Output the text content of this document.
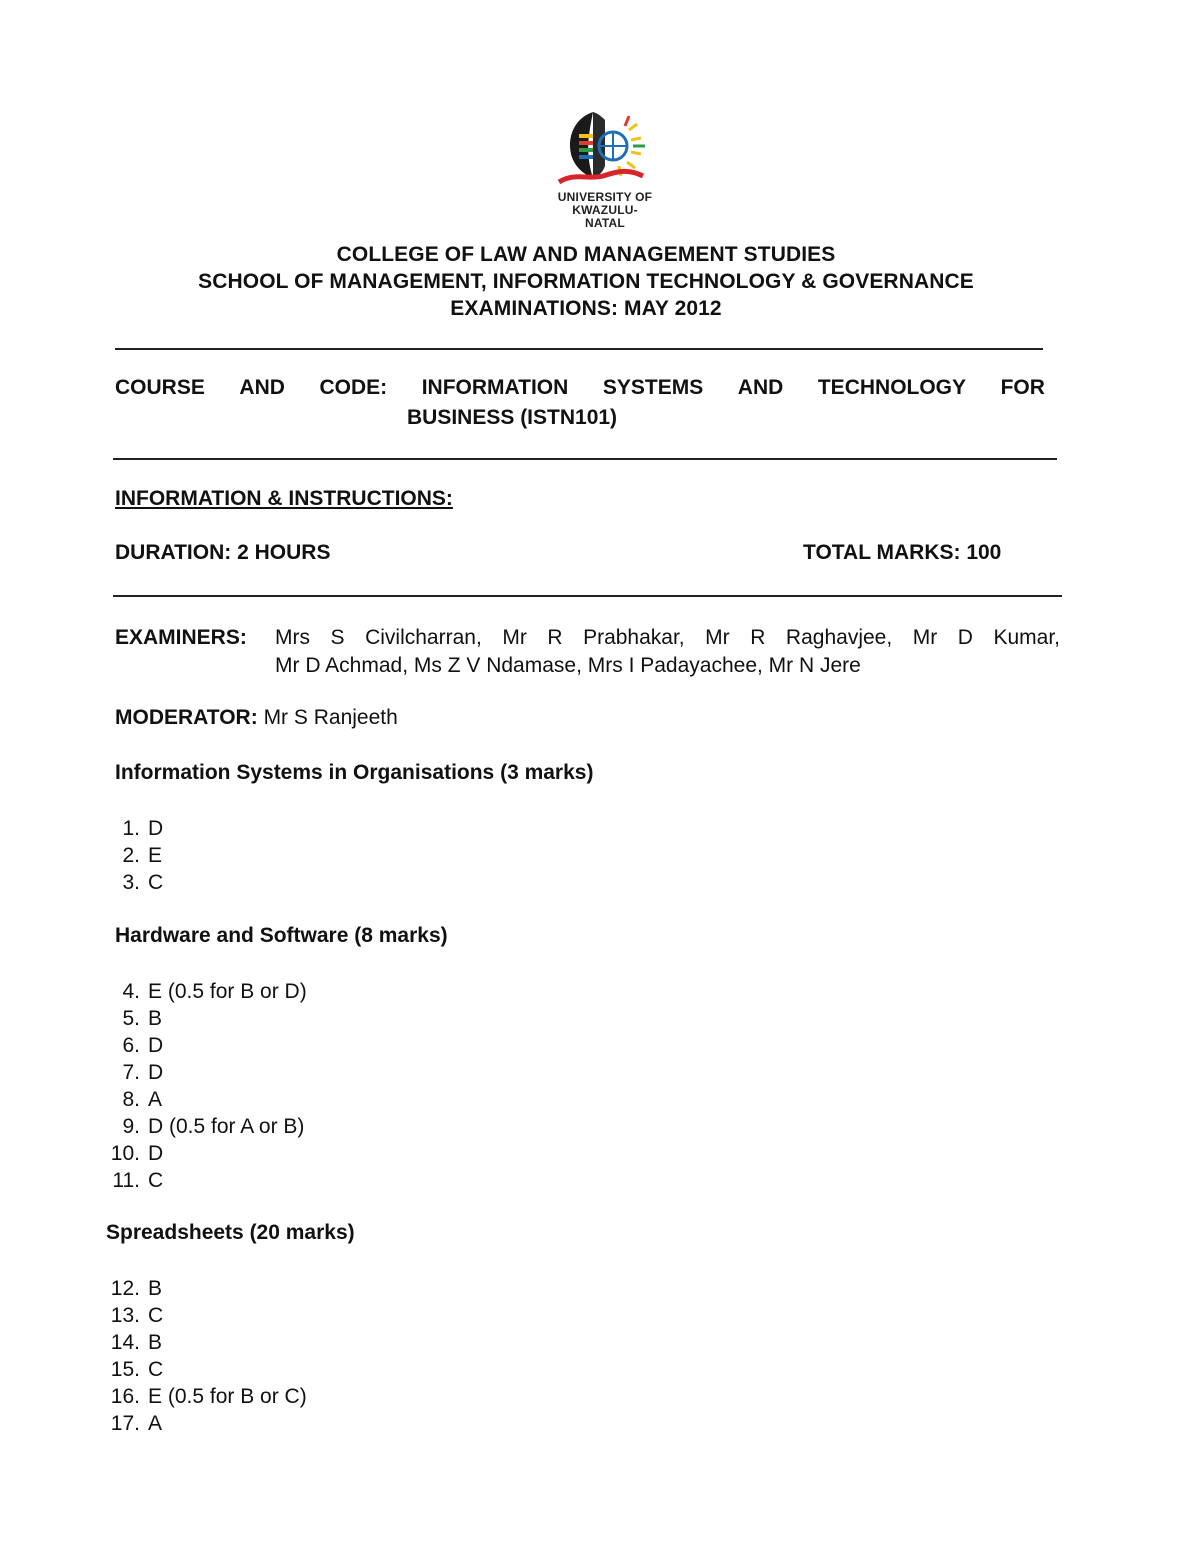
UNIVERSITY OF
KWAZULU-NATAL
COLLEGE OF LAW AND MANAGEMENT STUDIES
SCHOOL OF MANAGEMENT, INFORMATION TECHNOLOGY & GOVERNANCE
EXAMINATIONS: MAY 2012
COURSE AND CODE: INFORMATION SYSTEMS AND TECHNOLOGY FOR
BUSINESS (ISTN101)
INFORMATION & INSTRUCTIONS:
DURATION: 2 HOURS	TOTAL MARKS: 100
EXAMINERS:	Mrs S Civilcharran, Mr R Prabhakar, Mr R Raghavjee, Mr D Kumar,
Mr D Achmad, Ms Z V Ndamase, Mrs I Padayachee, Mr N Jere
MODERATOR: Mr S Ranjeeth
Information Systems in Organisations (3 marks)
1. D
2. E
3. C
Hardware and Software (8 marks)
4. E (0.5 for B or D)
5. B
6. D
7. D
8. A
9. D (0.5 for A or B)
10. D
11. C
Spreadsheets (20 marks)
12. B
13. C
14. B
15. C
16. E (0.5 for B or C)
17. A
